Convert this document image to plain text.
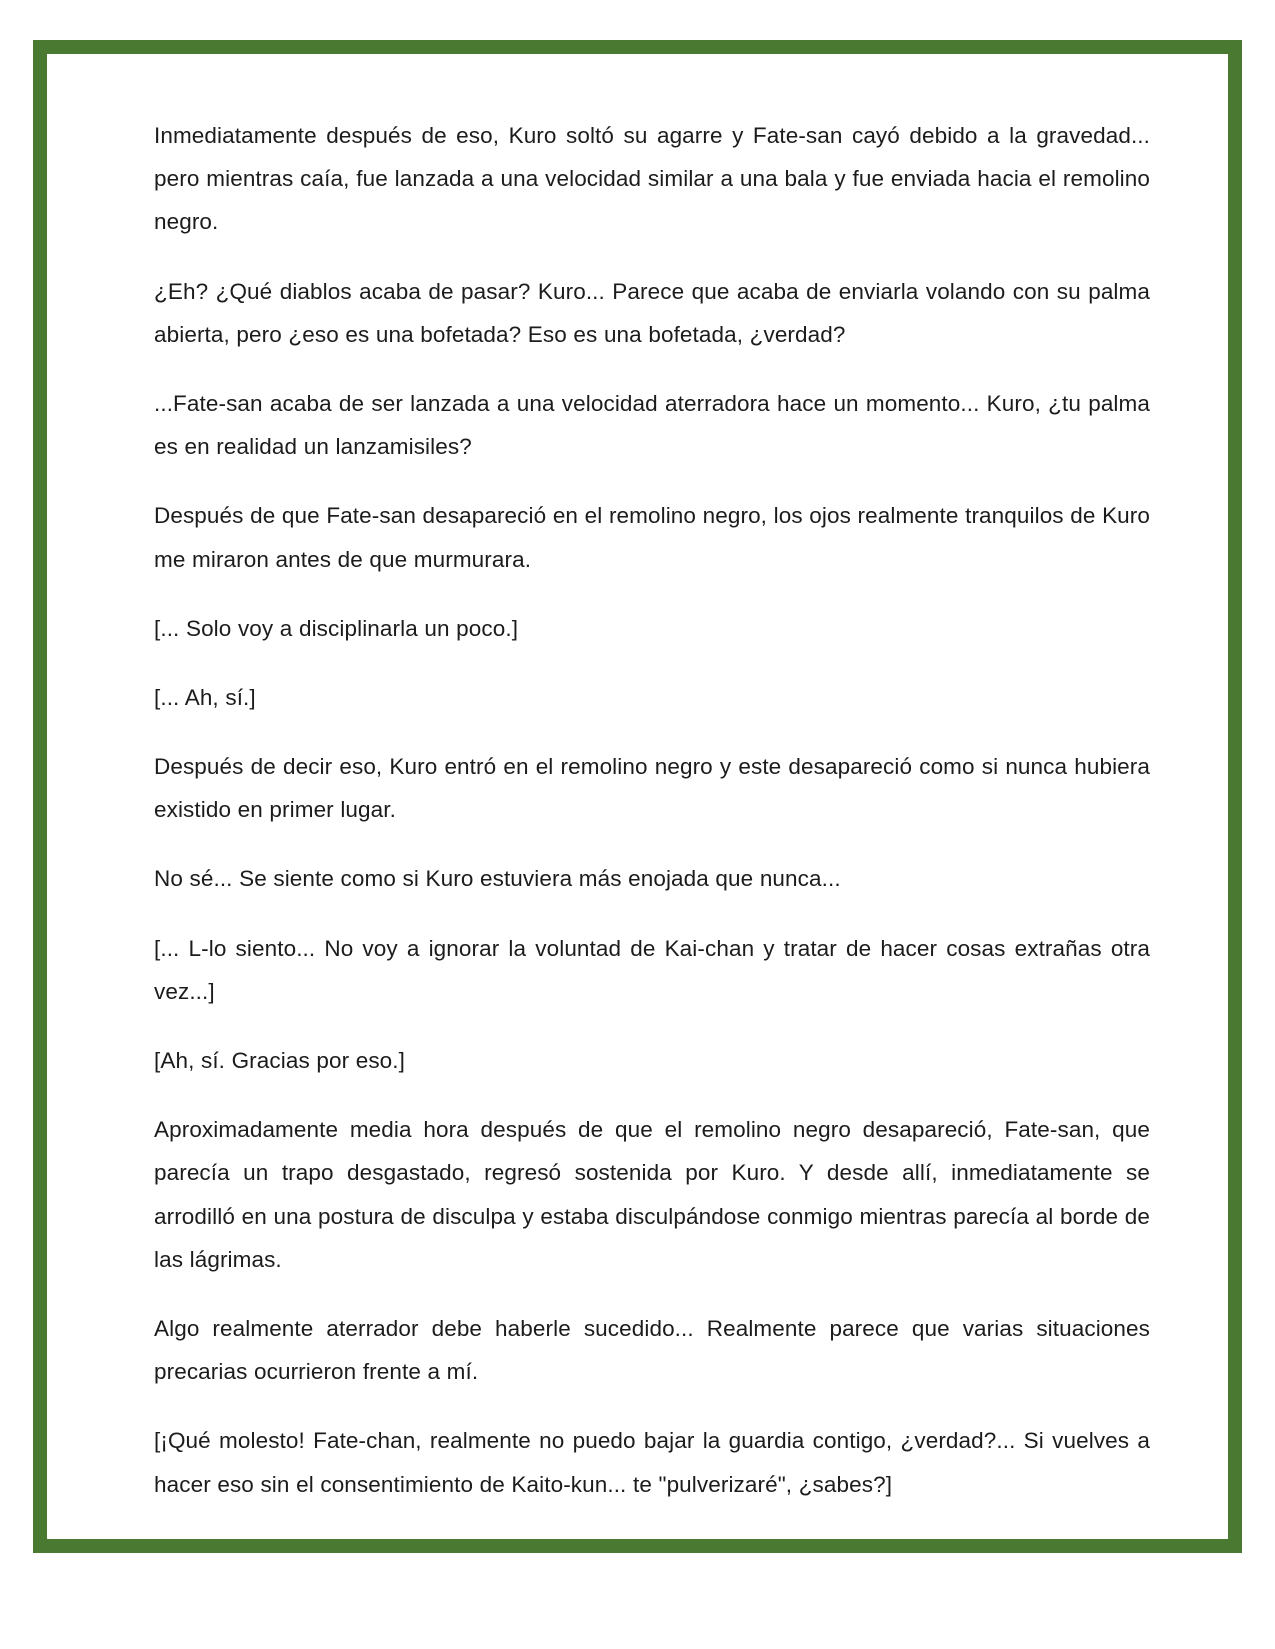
Inmediatamente después de eso, Kuro soltó su agarre y Fate-san cayó debido a la gravedad... pero mientras caía, fue lanzada a una velocidad similar a una bala y fue enviada hacia el remolino negro.

¿Eh? ¿Qué diablos acaba de pasar? Kuro... Parece que acaba de enviarla volando con su palma abierta, pero ¿eso es una bofetada? Eso es una bofetada, ¿verdad?

...Fate-san acaba de ser lanzada a una velocidad aterradora hace un momento... Kuro, ¿tu palma es en realidad un lanzamisiles?

Después de que Fate-san desapareció en el remolino negro, los ojos realmente tranquilos de Kuro me miraron antes de que murmurara.

[... Solo voy a disciplinarla un poco.]

[... Ah, sí.]

Después de decir eso, Kuro entró en el remolino negro y este desapareció como si nunca hubiera existido en primer lugar.

No sé... Se siente como si Kuro estuviera más enojada que nunca...

[... L-lo siento... No voy a ignorar la voluntad de Kai-chan y tratar de hacer cosas extrañas otra vez...]

[Ah, sí. Gracias por eso.]

Aproximadamente media hora después de que el remolino negro desapareció, Fate-san, que parecía un trapo desgastado, regresó sostenida por Kuro. Y desde allí, inmediatamente se arrodilló en una postura de disculpa y estaba disculpándose conmigo mientras parecía al borde de las lágrimas.

Algo realmente aterrador debe haberle sucedido... Realmente parece que varias situaciones precarias ocurrieron frente a mí.

[¡Qué molesto! Fate-chan, realmente no puedo bajar la guardia contigo, ¿verdad?... Si vuelves a hacer eso sin el consentimiento de Kaito-kun... te "pulverizaré", ¿sabes?]
